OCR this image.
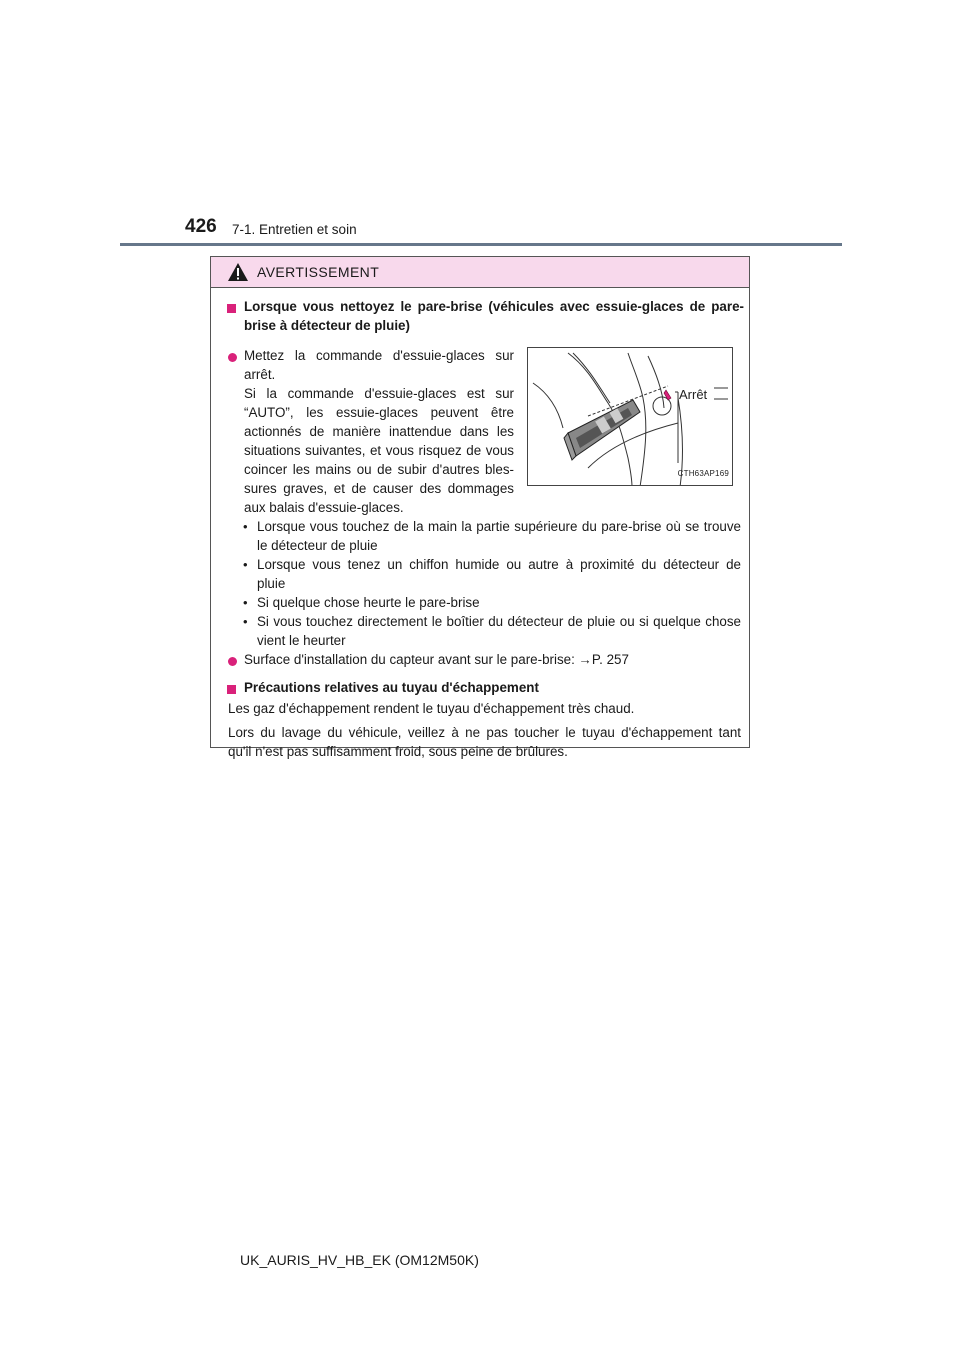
426 7-1. Entretien et soin
AVERTISSEMENT
Lorsque vous nettoyez le pare-brise (véhicules avec essuie-glaces de pare-
brise à détecteur de pluie)
Mettez la commande d'essuie-glaces sur
arrêt.
Si la commande d'essuie-glaces est sur
“AUTO”, les essuie-glaces peuvent être
actionnés de manière inattendue dans les
situations suivantes, et vous risquez de vous
coincer les mains ou de subir d'autres bles-
sures graves, et de causer des dommages
aux balais d'essuie-glaces.
Arrêt
CTH63AP169
• Lorsque vous touchez de la main la partie supérieure du pare-brise où se trouve
le détecteur de pluie
• Lorsque vous tenez un chiffon humide ou autre à proximité du détecteur de
pluie
• Si quelque chose heurte le pare-brise
• Si vous touchez directement le boîtier du détecteur de pluie ou si quelque chose
vient le heurter
Surface d'installation du capteur avant sur le pare-brise: →P. 257
Précautions relatives au tuyau d'échappement
Les gaz d'échappement rendent le tuyau d'échappement très chaud.
Lors du lavage du véhicule, veillez à ne pas toucher le tuyau d'échappement tant
qu'il n'est pas suffisamment froid, sous peine de brûlures.
UK_AURIS_HV_HB_EK (OM12M50K)
